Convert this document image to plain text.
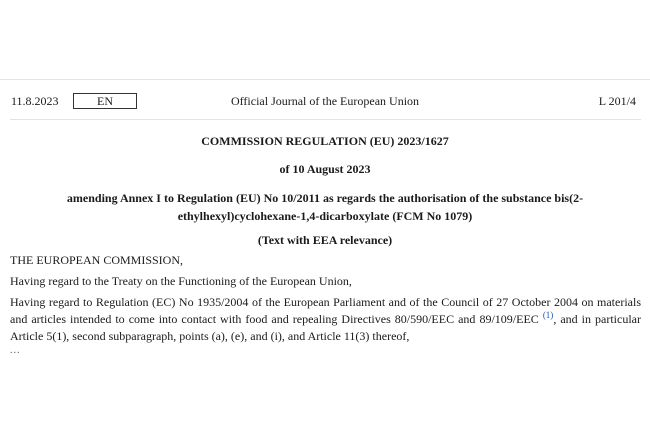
11.8.2023	EN	Official Journal of the European Union	L 201/4
COMMISSION REGULATION (EU) 2023/1627
of 10 August 2023
amending Annex I to Regulation (EU) No 10/2011 as regards the authorisation of the substance bis(2-ethylhexyl)cyclohexane-1,4-dicarboxylate (FCM No 1079)
(Text with EEA relevance)
THE EUROPEAN COMMISSION,
Having regard to the Treaty on the Functioning of the European Union,
Having regard to Regulation (EC) No 1935/2004 of the European Parliament and of the Council of 27 October 2004 on materials and articles intended to come into contact with food and repealing Directives 80/590/EEC and 89/109/EEC $^{(1)}$, and in particular Article 5(1), second subparagraph, points (a), (e), and (i), and Article 11(3) thereof,
...
